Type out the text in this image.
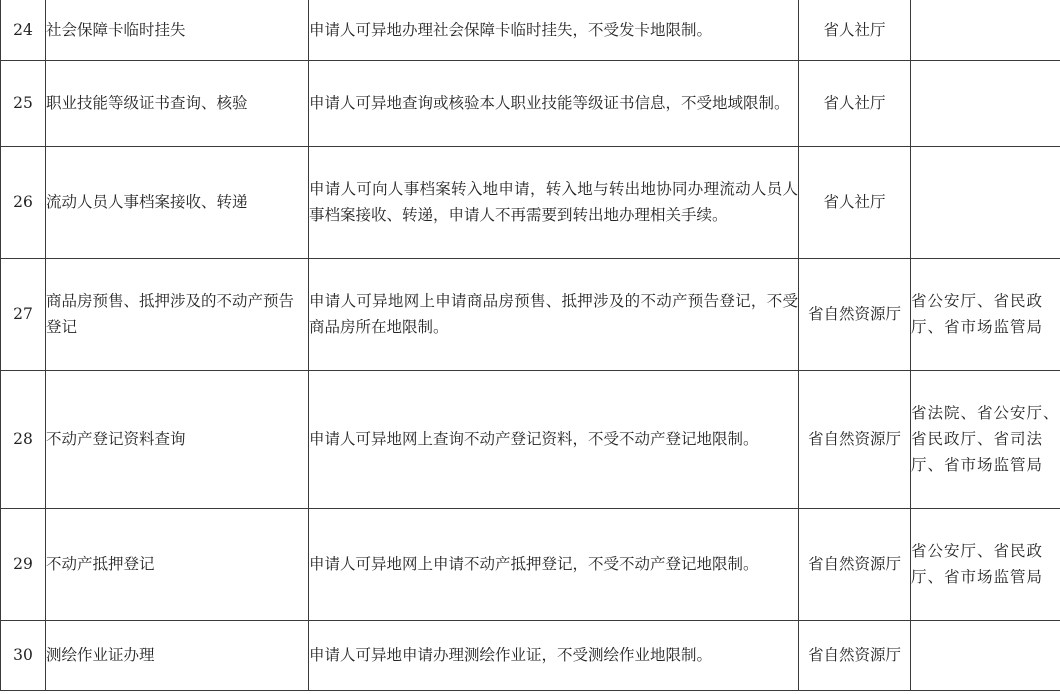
24	社会保障卡临时挂失	申请人可异地办理社会保障卡临时挂失，不受发卡地限制。	省人社厅	
25	职业技能等级证书查询、核验	申请人可异地查询或核验本人职业技能等级证书信息，不受地域限制。	省人社厅	
26	流动人员人事档案接收、转递	申请人可向人事档案转入地申请，转入地与转出地协同办理流动人员人事档案接收、转递，申请人不再需要到转出地办理相关手续。	省人社厅	
27	商品房预售、抵押涉及的不动产预告登记	申请人可异地网上申请商品房预售、抵押涉及的不动产预告登记，不受商品房所在地限制。	省自然资源厅	省公安厅、省民政厅、省市场监管局
28	不动产登记资料查询	申请人可异地网上查询不动产登记资料，不受不动产登记地限制。	省自然资源厅	省法院、省公安厅、省民政厅、省司法厅、省市场监管局
29	不动产抵押登记	申请人可异地网上申请不动产抵押登记，不受不动产登记地限制。	省自然资源厅	省公安厅、省民政厅、省市场监管局
30	测绘作业证办理	申请人可异地申请办理测绘作业证，不受测绘作业地限制。	省自然资源厅	
